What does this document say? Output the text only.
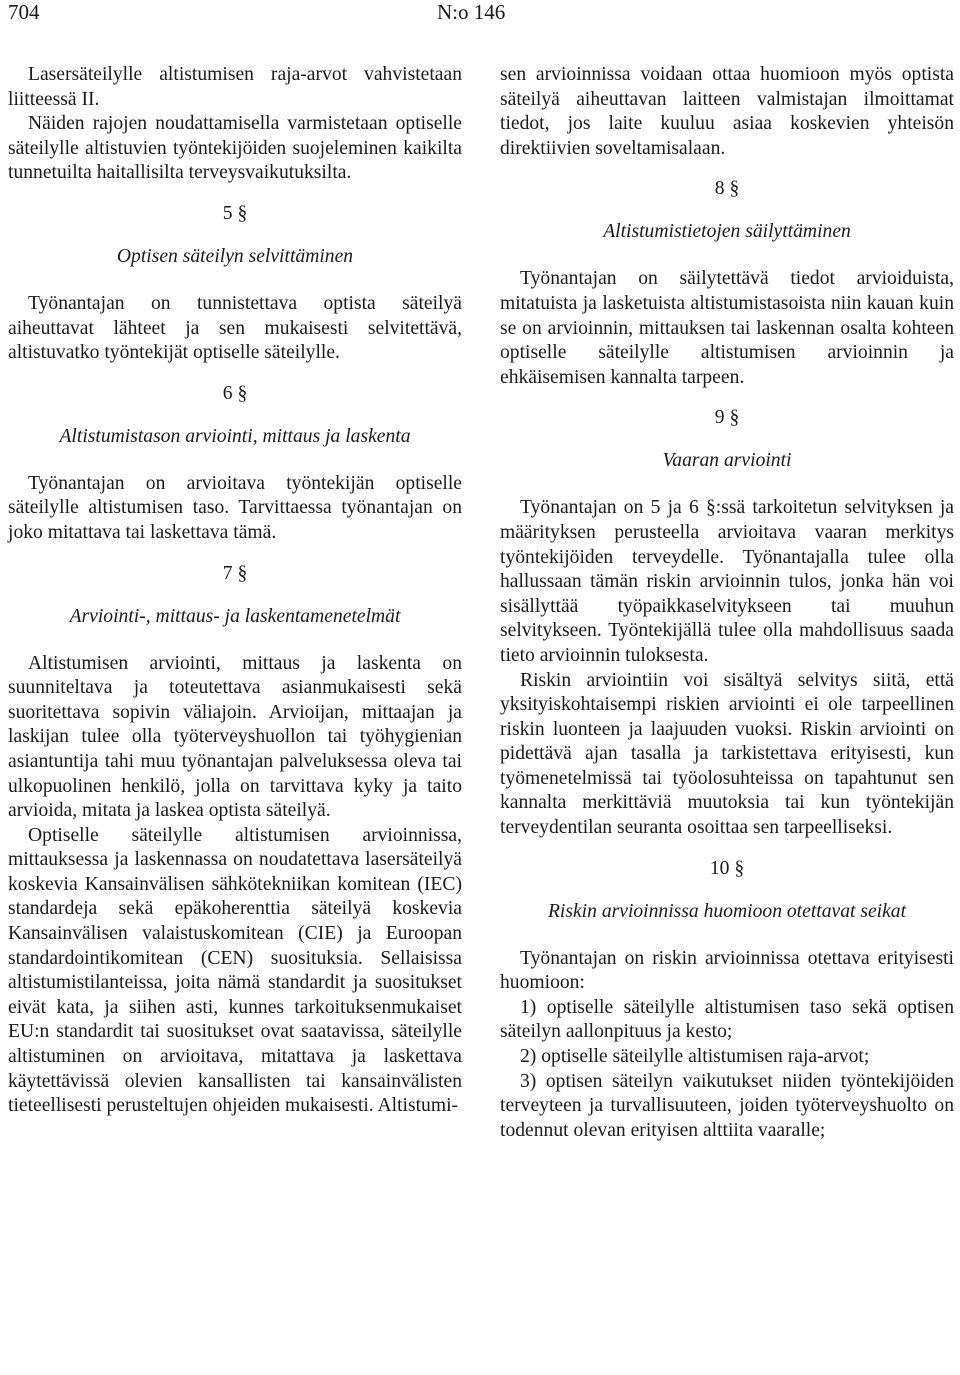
704	N:o 146

Lasersäteilylle altistumisen raja-arvot vahvistetaan liitteessä II.

Näiden rajojen noudattamisella varmistetaan optiselle säteilylle altistuvien työntekijöiden suojeleminen kaikilta tunnetuilta haitallisilta terveysvaikutuksilta.

5 §
Optisen säteilyn selvittäminen

Työnantajan on tunnistettava optista säteilyä aiheuttavat lähteet ja sen mukaisesti selvitettävä, altistuvatko työntekijät optiselle säteilylle.

6 §
Altistumistason arviointi, mittaus ja laskenta

Työnantajan on arvioitava työntekijän optiselle säteilylle altistumisen taso. Tarvittaessa työnantajan on joko mitattava tai laskettava tämä.

7 §
Arviointi-, mittaus- ja laskentamenetelmät

Altistumisen arviointi, mittaus ja laskenta on suunniteltava ja toteutettava asianmukaisesti sekä suoritettava sopivin väliajoin. Arvioijan, mittaajan ja laskijan tulee olla työterveyshuollon tai työhygienian asiantuntija tahi muu työnantajan palveluksessa oleva tai ulkopuolinen henkilö, jolla on tarvittava kyky ja taito arvioida, mitata ja laskea optista säteilyä.

Optiselle säteilylle altistumisen arvioinnissa, mittauksessa ja laskennassa on noudatettava lasersäteilyä koskevia Kansainvälisen sähkötekniikan komitean (IEC) standardeja sekä epäkoherenttia säteilyä koskevia Kansainvälisen valaistuskomitean (CIE) ja Euroopan standardointikomitean (CEN) suosituksia. Sellaisissa altistumistilanteissa, joita nämä standardit ja suositukset eivät kata, ja siihen asti, kunnes tarkoituksenmukaiset EU:n standardit tai suositukset ovat saatavissa, säteilylle altistuminen on arvioitava, mitattava ja laskettava käytettävissä olevien kansallisten tai kansainvälisten tieteellisesti perusteltujen ohjeiden mukaisesti. Altistumi-

sen arvioinnissa voidaan ottaa huomioon myös optista säteilyä aiheuttavan laitteen valmistajan ilmoittamat tiedot, jos laite kuuluu asiaa koskevien yhteisön direktiivien soveltamisalaan.

8 §
Altistumistietojen säilyttäminen

Työnantajan on säilytettävä tiedot arvioiduista, mitatuista ja lasketuista altistumistasoista niin kauan kuin se on arvioinnin, mittauksen tai laskennan osalta kohteen optiselle säteilylle altistumisen arvioinnin ja ehkäisemisen kannalta tarpeen.

9 §
Vaaran arviointi

Työnantajan on 5 ja 6 §:ssä tarkoitetun selvityksen ja määrityksen perusteella arvioitava vaaran merkitys työntekijöiden terveydelle. Työnantajalla tulee olla hallussaan tämän riskin arvioinnin tulos, jonka hän voi sisällyttää työpaikkaselvitykseen tai muuhun selvitykseen. Työntekijällä tulee olla mahdollisuus saada tieto arvioinnin tuloksesta.

Riskin arviointiin voi sisältyä selvitys siitä, että yksityiskohtaisempi riskien arviointi ei ole tarpeellinen riskin luonteen ja laajuuden vuoksi. Riskin arviointi on pidettävä ajan tasalla ja tarkistettava erityisesti, kun työmenetelmissä tai työolosuhteissa on tapahtunut sen kannalta merkittäviä muutoksia tai kun työntekijän terveydentilan seuranta osoittaa sen tarpeelliseksi.

10 §
Riskin arvioinnissa huomioon otettavat seikat

Työnantajan on riskin arvioinnissa otettava erityisesti huomioon:

1) optiselle säteilylle altistumisen taso sekä optisen säteilyn aallonpituus ja kesto;

2) optiselle säteilylle altistumisen raja-arvot;

3) optisen säteilyn vaikutukset niiden työntekijöiden terveyteen ja turvallisuuteen, joiden työterveyshuolto on todennut olevan erityisen alttiita vaaralle;
